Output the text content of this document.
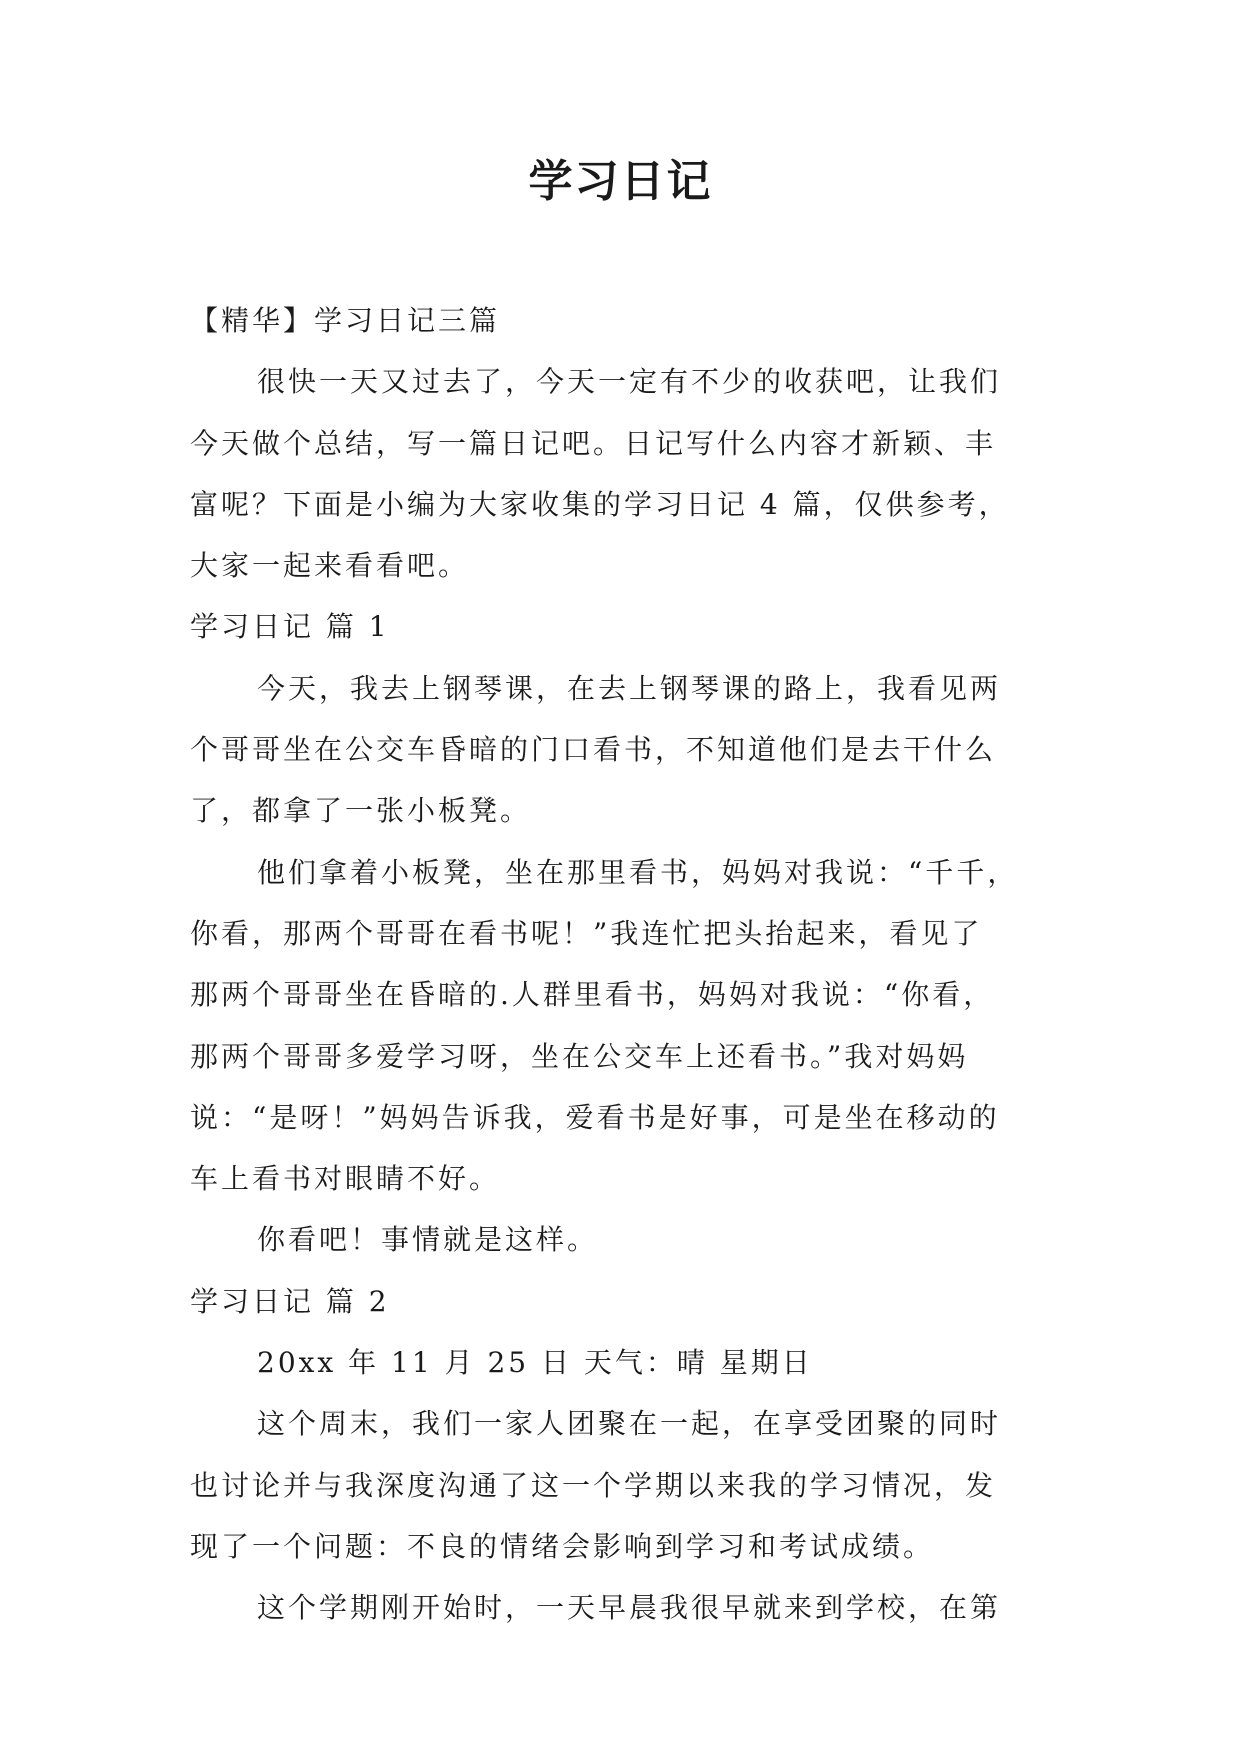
学习日记

【精华】学习日记三篇

很快一天又过去了，今天一定有不少的收获吧，让我们

今天做个总结，写一篇日记吧。日记写什么内容才新颖、丰

富呢？下面是小编为大家收集的学习日记 4 篇，仅供参考，

大家一起来看看吧。

学习日记 篇 1

今天，我去上钢琴课，在去上钢琴课的路上，我看见两

个哥哥坐在公交车昏暗的门口看书，不知道他们是去干什么

了，都拿了一张小板凳。

他们拿着小板凳，坐在那里看书，妈妈对我说：“千千，

你看，那两个哥哥在看书呢！”我连忙把头抬起来，看见了

那两个哥哥坐在昏暗的.人群里看书，妈妈对我说：“你看，

那两个哥哥多爱学习呀，坐在公交车上还看书。”我对妈妈

说：“是呀！”妈妈告诉我，爱看书是好事，可是坐在移动的

车上看书对眼睛不好。

你看吧！事情就是这样。

学习日记 篇 2

20xx 年 11 月 25 日 天气：晴 星期日

这个周末，我们一家人团聚在一起，在享受团聚的同时

也讨论并与我深度沟通了这一个学期以来我的学习情况，发

现了一个问题：不良的情绪会影响到学习和考试成绩。

这个学期刚开始时，一天早晨我很早就来到学校，在第
